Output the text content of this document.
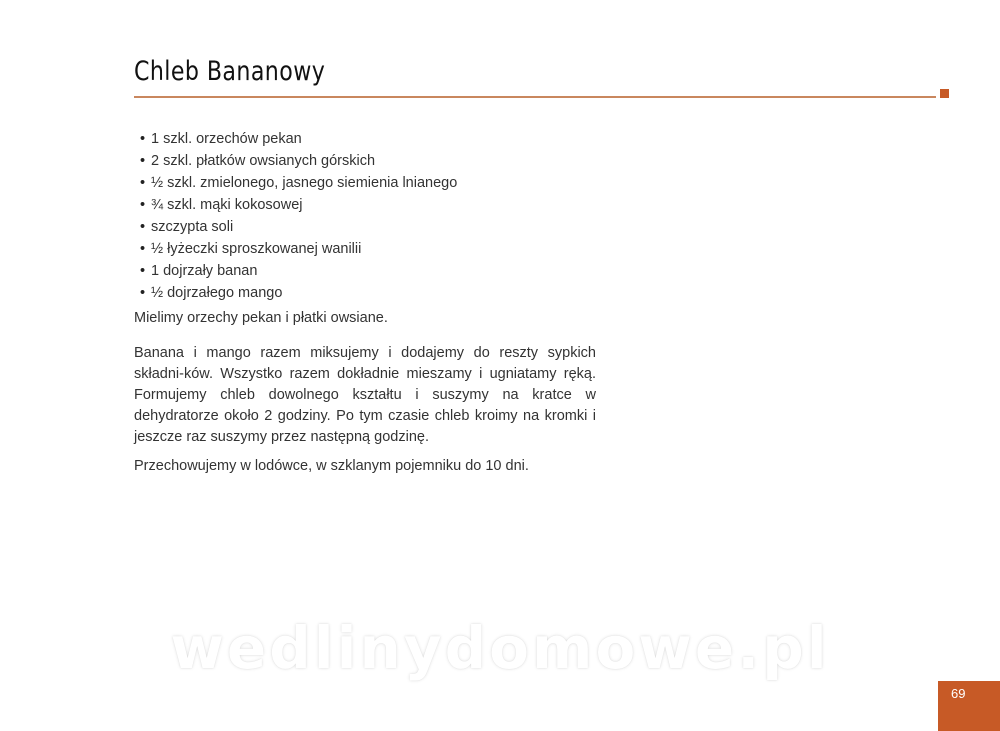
Chleb Bananowy
• 1 szkl. orzechów pekan
• 2 szkl. płatków owsianych górskich
• ½ szkl. zmielonego, jasnego siemienia lnianego
• ¾ szkl. mąki kokosowej
• szczypta soli
• ½ łyżeczki sproszkowanej wanilii
• 1 dojrzały banan
• ½ dojrzałego mango

Mielimy orzechy pekan i płatki owsiane.

Banana i mango razem miksujemy i dodajemy do reszty sypkich składni-ków. Wszystko razem dokładnie mieszamy i ugniatamy ręką. Formujemy chleb dowolnego kształtu i suszymy na kratce w dehydratorze około 2 godziny. Po tym czasie chleb kroimy na kromki i jeszcze raz suszymy przez następną godzinę.

Przechowujemy w lodówce, w szklanym pojemniku do 10 dni.

wedlinydomowe.pl
69
